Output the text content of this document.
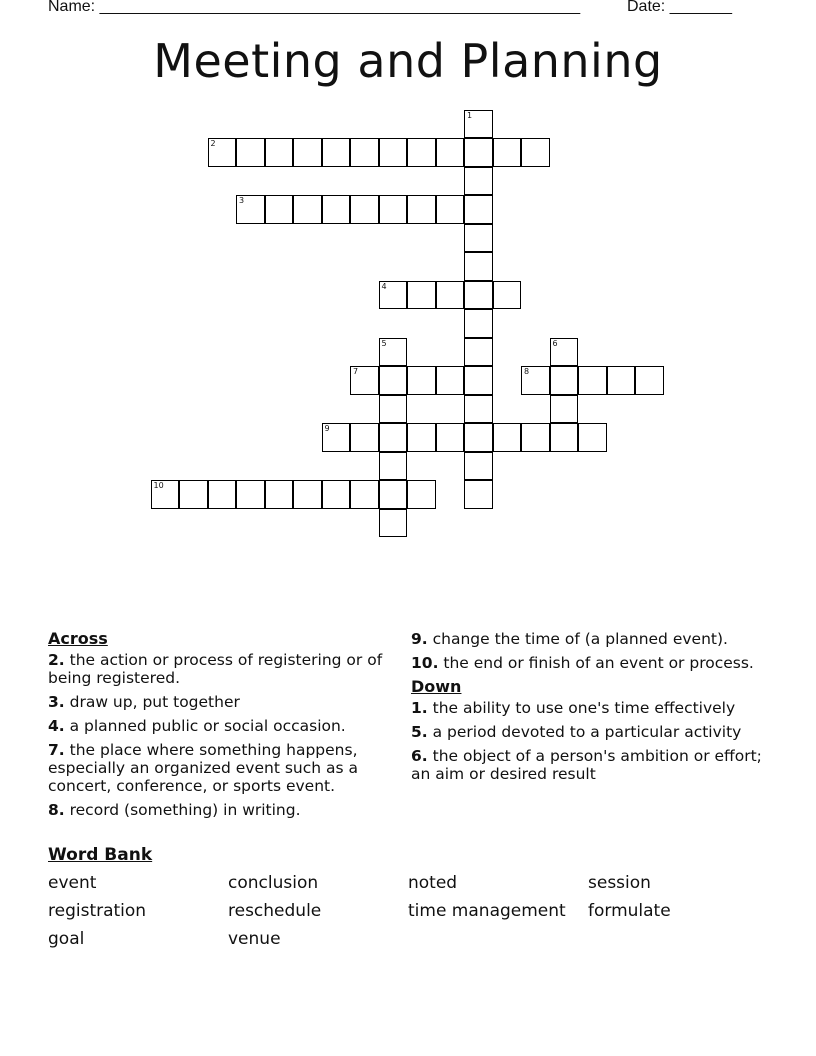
Name: ______________________________________________________	Date: _______
Meeting and Planning
1
2
3
4
5	6
7	8
9
10
Across
2. the action or process of registering or of being registered.
3. draw up, put together
4. a planned public or social occasion.
7. the place where something happens, especially an organized event such as a concert, conference, or sports event.
8. record (something) in writing.
9. change the time of (a planned event).
10. the end or finish of an event or process.
Down
1. the ability to use one's time effectively
5. a period devoted to a particular activity
6. the object of a person's ambition or effort; an aim or desired result
Word Bank
event	conclusion	noted	session
registration	reschedule	time management	formulate
goal	venue
